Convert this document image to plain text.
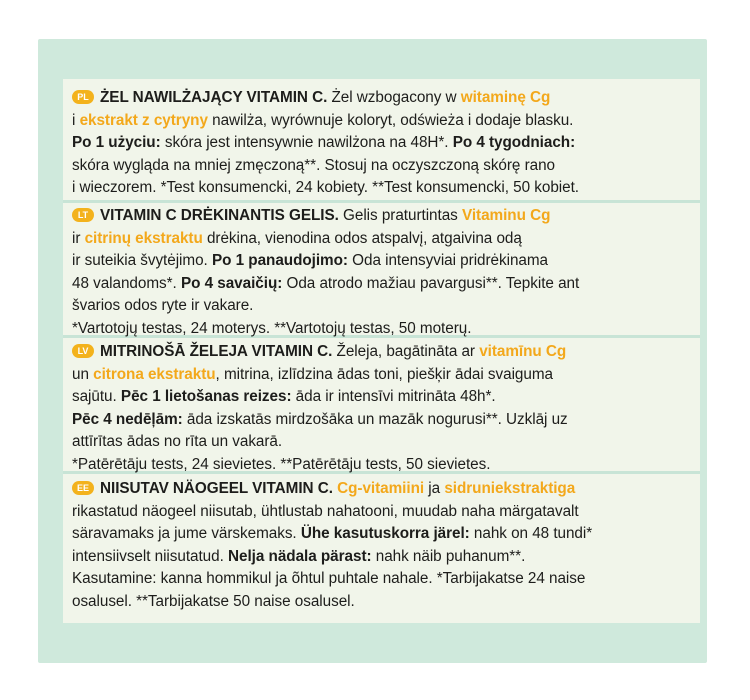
PL ŻEL NAWILŻAJĄCY VITAMIN C. Żel wzbogacony w witaminę Cg
i ekstrakt z cytryny nawilża, wyrównuje koloryt, odświeża i dodaje blasku.
Po 1 użyciu: skóra jest intensywnie nawilżona na 48H*. Po 4 tygodniach:
skóra wygląda na mniej zmęczoną**. Stosuj na oczyszczoną skórę rano
i wieczorem. *Test konsumencki, 24 kobiety. **Test konsumencki, 50 kobiet.
LT VITAMIN C DRĖKINANTIS GELIS. Gelis praturtintas Vitaminu Cg
ir citrinų ekstraktu drėkina, vienodina odos atspalvį, atgaivina odą
ir suteikia švytėjimo. Po 1 panaudojimo: Oda intensyviai pridrėkinama
48 valandoms*. Po 4 savaičių: Oda atrodo mažiau pavargusi**. Tepkite ant
švarios odos ryte ir vakare.
*Vartotojų testas, 24 moterys. **Vartotojų testas, 50 moterų.
LV MITRINOŠĀ ŽELEJA VITAMIN C. Želeja, bagātināta ar vitamīnu Cg
un citrona ekstraktu, mitrina, izlīdzina ādas toni, piešķir ādai svaiguma
sajūtu. Pēc 1 lietošanas reizes: āda ir intensīvi mitrināta 48h*.
Pēc 4 nedēļām: āda izskatās mirdzošāka un mazāk nogurusi**. Uzklāj uz
attīrītas ādas no rīta un vakarā.
*Patērētāju tests, 24 sievietes. **Patērētāju tests, 50 sievietes.
EE NIISUTAV NÄOGEEL VITAMIN C. Cg-vitamiini ja sidruniekstraktiga
rikastatud näogeel niisutab, ühtlustab nahatooni, muudab naha märgatavalt
säravamaks ja jume värskemaks. Ühe kasutuskorra järel: nahk on 48 tundi*
intensiivselt niisutatud. Nelja nädala pärast: nahk näib puhanum**.
Kasutamine: kanna hommikul ja õhtul puhtale nahale. *Tarbijakatse 24 naise
osalusel. **Tarbijakatse 50 naise osalusel.
